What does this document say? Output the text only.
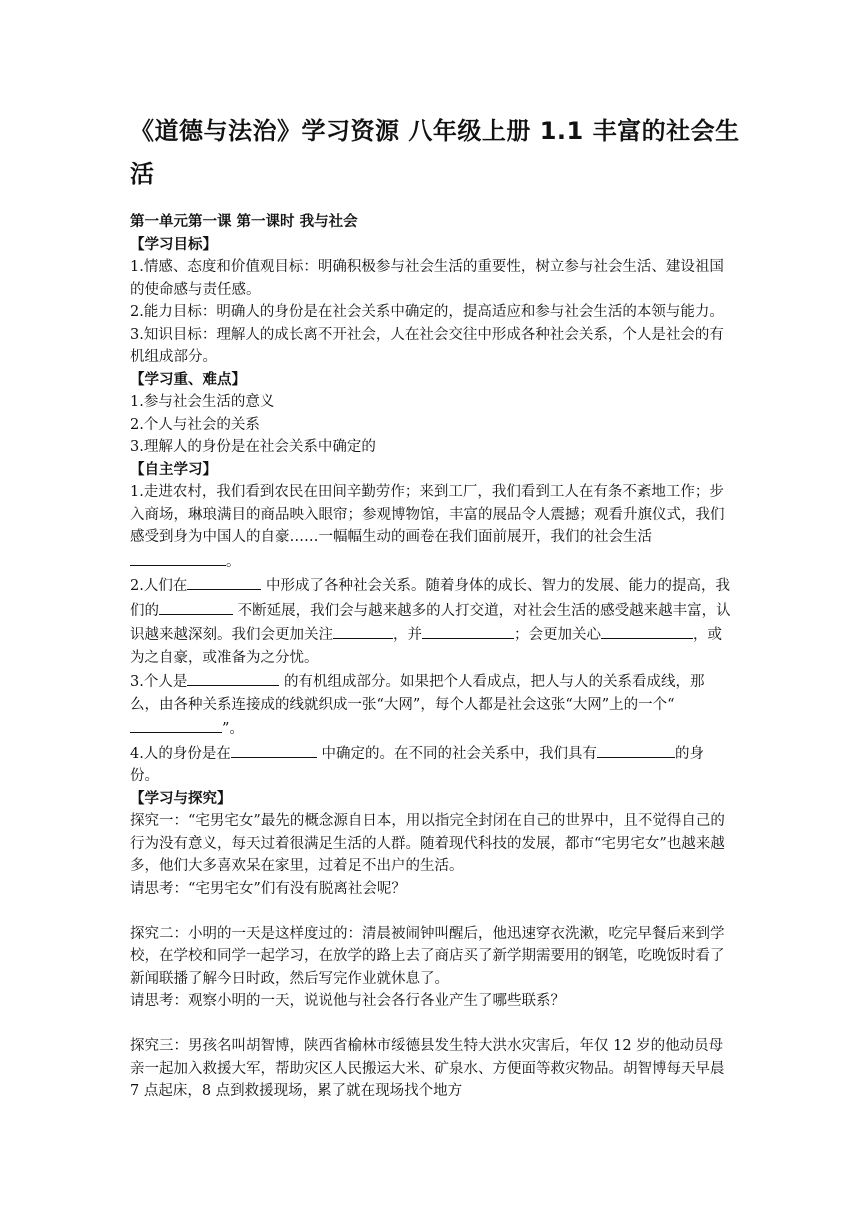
《道德与法治》学习资源 八年级上册 1.1 丰富的社会生活

第一单元第一课 第一课时 我与社会

【学习目标】

1.情感、态度和价值观目标：明确积极参与社会生活的重要性，树立参与社会生活、建设祖国的使命感与责任感。

2.能力目标：明确人的身份是在社会关系中确定的，提高适应和参与社会生活的本领与能力。

3.知识目标：理解人的成长离不开社会，人在社会交往中形成各种社会关系，个人是社会的有机组成部分。

【学习重、难点】

1.参与社会生活的意义

2.个人与社会的关系

3.理解人的身份是在社会关系中确定的

【自主学习】

1.走进农村，我们看到农民在田间辛勤劳作；来到工厂，我们看到工人在有条不紊地工作；步入商场，琳琅满目的商品映入眼帘；参观博物馆，丰富的展品令人震撼；观看升旗仪式，我们感受到身为中国人的自豪……一幅幅生动的画卷在我们面前展开，我们的社会生活。

2.人们在	中形成了各种社会关系。随着身体的成长、智力的发展、能力的提高，我们的	不断延展，我们会与越来越多的人打交道，对社会生活的感受越来越丰富，认识越来越深刻。我们会更加关注	，并	；会更加关心	，或为之自豪，或准备为之分忧。

3.个人是	的有机组成部分。如果把个人看成点，把人与人的关系看成线，那么，由各种关系连接成的线就织成一张“大网”，每个人都是社会这张“大网”上的一个“”。

4.人的身份是在	中确定的。在不同的社会关系中，我们具有	的身份。

【学习与探究】

探究一：“宅男宅女”最先的概念源自日本，用以指完全封闭在自己的世界中，且不觉得自己的行为没有意义，每天过着很满足生活的人群。随着现代科技的发展，都市“宅男宅女”也越来越多，他们大多喜欢呆在家里，过着足不出户的生活。

请思考：“宅男宅女”们有没有脱离社会呢？

探究二：小明的一天是这样度过的：清晨被闹钟叫醒后，他迅速穿衣洗漱，吃完早餐后来到学校，在学校和同学一起学习，在放学的路上去了商店买了新学期需要用的钢笔，吃晚饭时看了新闻联播了解今日时政，然后写完作业就休息了。

请思考：观察小明的一天，说说他与社会各行各业产生了哪些联系？

探究三：男孩名叫胡智博，陕西省榆林市绥德县发生特大洪水灾害后，年仅 12 岁的他动员母亲一起加入救援大军，帮助灾区人民搬运大米、矿泉水、方便面等救灾物品。胡智博每天早晨 7 点起床，8 点到救援现场，累了就在现场找个地方
